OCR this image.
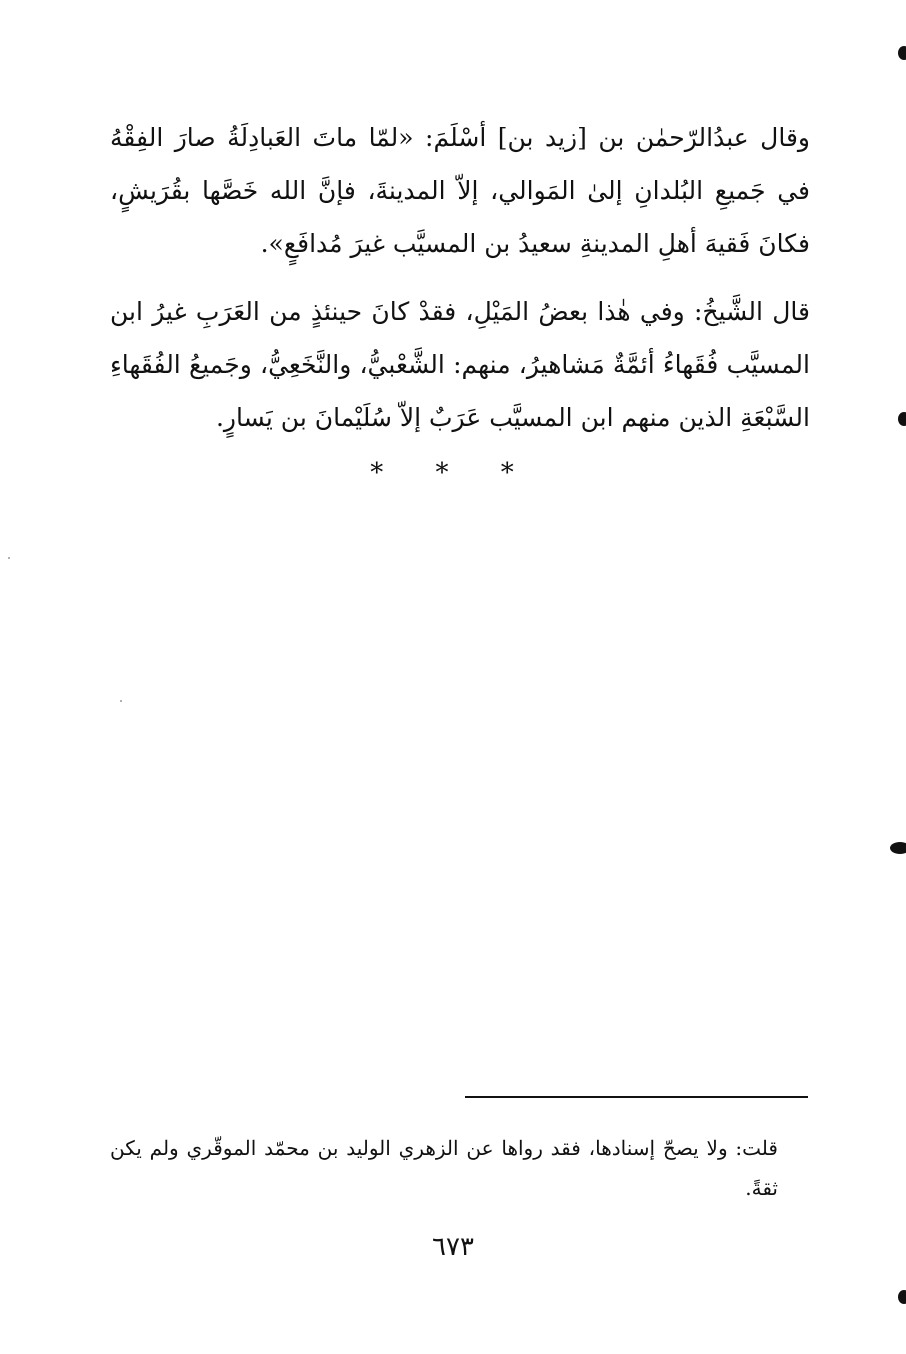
وقال عبدُالرّحمٰن بن [زيد بن] أسْلَمَ: «لمّا ماتَ العَبادِلَةُ صارَ الفِقْهُ في جَميعِ البُلدانِ إلىٰ المَوالي، إلاّ المدينةَ، فإنَّ الله خَصَّها بقُرَيشٍ، فكانَ فَقيهَ أهلِ المدينةِ سعيدُ بن المسيَّب غيرَ مُدافَعٍ».

قال الشَّيخُ: وفي هٰذا بعضُ المَيْلِ، فقدْ كانَ حينئذٍ من العَرَبِ غيرُ ابن المسيَّب فُقَهاءُ أئمَّةٌ مَشاهيرُ، منهم: الشَّعْبيُّ، والنَّخَعِيُّ، وجَميعُ الفُقَهاءِ السَّبْعَةِ الذين منهم ابن المسيَّب عَرَبٌ إلاّ سُلَيْمانَ بن يَسارٍ.

* * *

قلت: ولا يصحّ إسنادها، فقد رواها عن الزهري الوليد بن محمّد الموقّري ولم يكن ثقةً.

٦٧٣
